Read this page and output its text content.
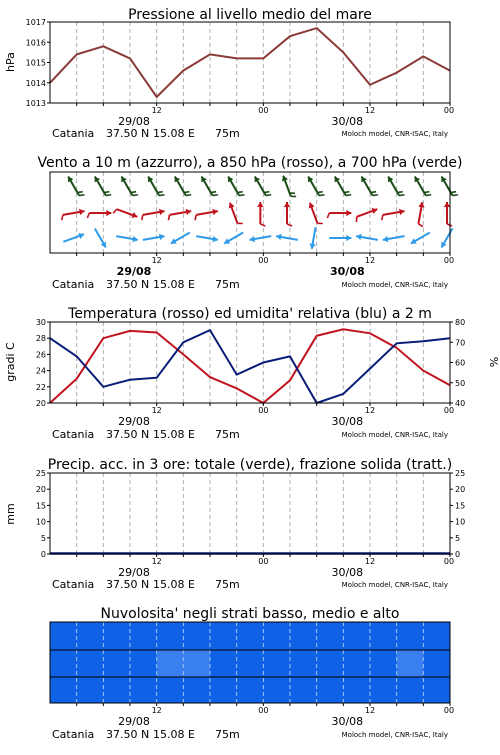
Pressione al livello medio del mare
hPa
1013
1014
1015
1016
1017
12	00	12	00
29/08	30/08
Catania 37.50 N 15.08 E 75m	Moloch model, CNR-ISAC, Italy
Vento a 10 m (azzurro), a 850 hPa (rosso), a 700 hPa (verde)
12	00	12	00
29/08	30/08
Catania 37.50 N 15.08 E 75m	Moloch model, CNR-ISAC, Italy
Temperatura (rosso) ed umidita' relativa (blu) a 2 m
gradi C	%
20
22
24
26
28
30
40
50
60
70
80
12	00	12	00
29/08	30/08
Catania 37.50 N 15.08 E 75m	Moloch model, CNR-ISAC, Italy
Precip. acc. in 3 ore: totale (verde), frazione solida (tratt.)
mm
0
5
10
15
20
25
0
5
10
15
20
25
12	00	12	00
29/08	30/08
Catania 37.50 N 15.08 E 75m	Moloch model, CNR-ISAC, Italy
Nuvolosita' negli strati basso, medio e alto
12	00	12	00
29/08	30/08
Catania 37.50 N 15.08 E 75m	Moloch model, CNR-ISAC, Italy
